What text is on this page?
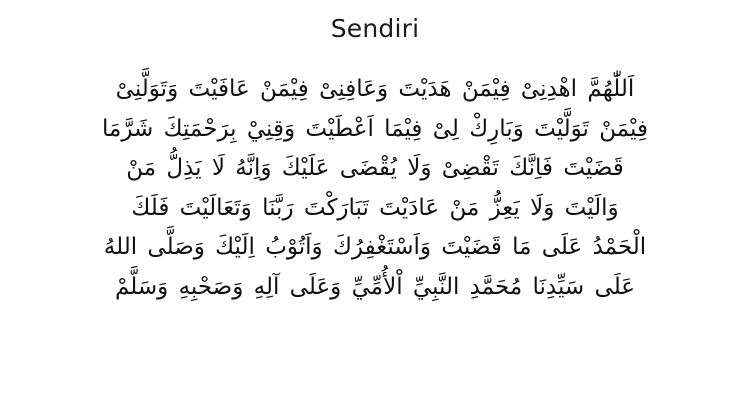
Sendiri
اَللّٰهُمَّ اهْدِنِىْ فِيْمَنْ هَدَيْتَ وَعَافِنِىْ فِيْمَنْ عَافَيْتَ وَتَوَلَّنِىْ
فِيْمَنْ تَوَلَّيْتَ وَبَارِكْ لِىْ فِيْمَا اَعْطَيْتَ وَقِنِيْ بِرَحْمَتِكَ شَرَّمَا
قَضَيْتَ فَاِنَّكَ تَقْضِىْ وَلَا يُقْضَى عَلَيْكَ وَاِنَّهُ لَا يَذِلُّ مَنْ
وَالَيْتَ وَلَا يَعِزُّ مَنْ عَادَيْتَ تَبَارَكْتَ رَبَّنَا وَتَعَالَيْتَ فَلَكَ
الْحَمْدُ عَلَى مَا قَضَيْتَ وَاَسْتَغْفِرُكَ وَاَتُوْبُ اِلَيْكَ وَصَلَّى اللهُ
عَلَى سَيِّدِنَا مُحَمَّدِ النَّبِيِّ اْلأُمِّيِّ وَعَلَى آلِهِ وَصَحْبِهِ وَسَلَّمْ
